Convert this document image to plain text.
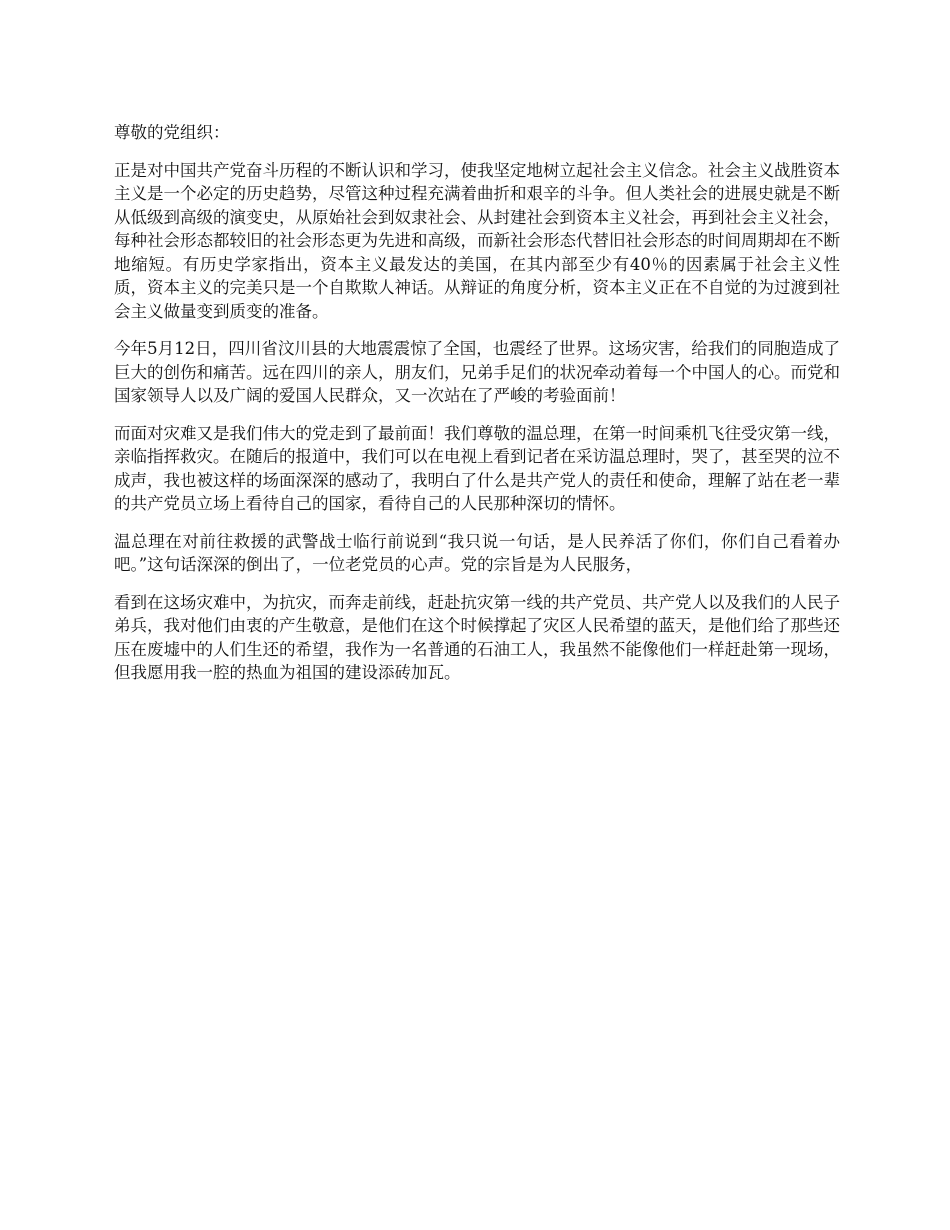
尊敬的党组织：

正是对中国共产党奋斗历程的不断认识和学习，使我坚定地树立起社会主义信念。社会主义战胜资本主义是一个必定的历史趋势，尽管这种过程充满着曲折和艰辛的斗争。但人类社会的进展史就是不断从低级到高级的演变史，从原始社会到奴隶社会、从封建社会到资本主义社会，再到社会主义社会，每种社会形态都较旧的社会形态更为先进和高级，而新社会形态代替旧社会形态的时间周期却在不断地缩短。有历史学家指出，资本主义最发达的美国，在其内部至少有40％的因素属于社会主义性质，资本主义的完美只是一个自欺欺人神话。从辩证的角度分析，资本主义正在不自觉的为过渡到社会主义做量变到质变的准备。

今年5月12日，四川省汶川县的大地震震惊了全国，也震经了世界。这场灾害，给我们的同胞造成了巨大的创伤和痛苦。远在四川的亲人，朋友们，兄弟手足们的状况牵动着每一个中国人的心。而党和国家领导人以及广阔的爱国人民群众，又一次站在了严峻的考验面前！

而面对灾难又是我们伟大的党走到了最前面！我们尊敬的温总理，在第一时间乘机飞往受灾第一线，亲临指挥救灾。在随后的报道中，我们可以在电视上看到记者在采访温总理时，哭了，甚至哭的泣不成声，我也被这样的场面深深的感动了，我明白了什么是共产党人的责任和使命，理解了站在老一辈的共产党员立场上看待自己的国家，看待自己的人民那种深切的情怀。

温总理在对前往救援的武警战士临行前说到“我只说一句话，是人民养活了你们，你们自己看着办吧。”这句话深深的倒出了，一位老党员的心声。党的宗旨是为人民服务，

看到在这场灾难中，为抗灾，而奔走前线，赶赴抗灾第一线的共产党员、共产党人以及我们的人民子弟兵，我对他们由衷的产生敬意，是他们在这个时候撑起了灾区人民希望的蓝天，是他们给了那些还压在废墟中的人们生还的希望，我作为一名普通的石油工人，我虽然不能像他们一样赶赴第一现场，但我愿用我一腔的热血为祖国的建设添砖加瓦。
